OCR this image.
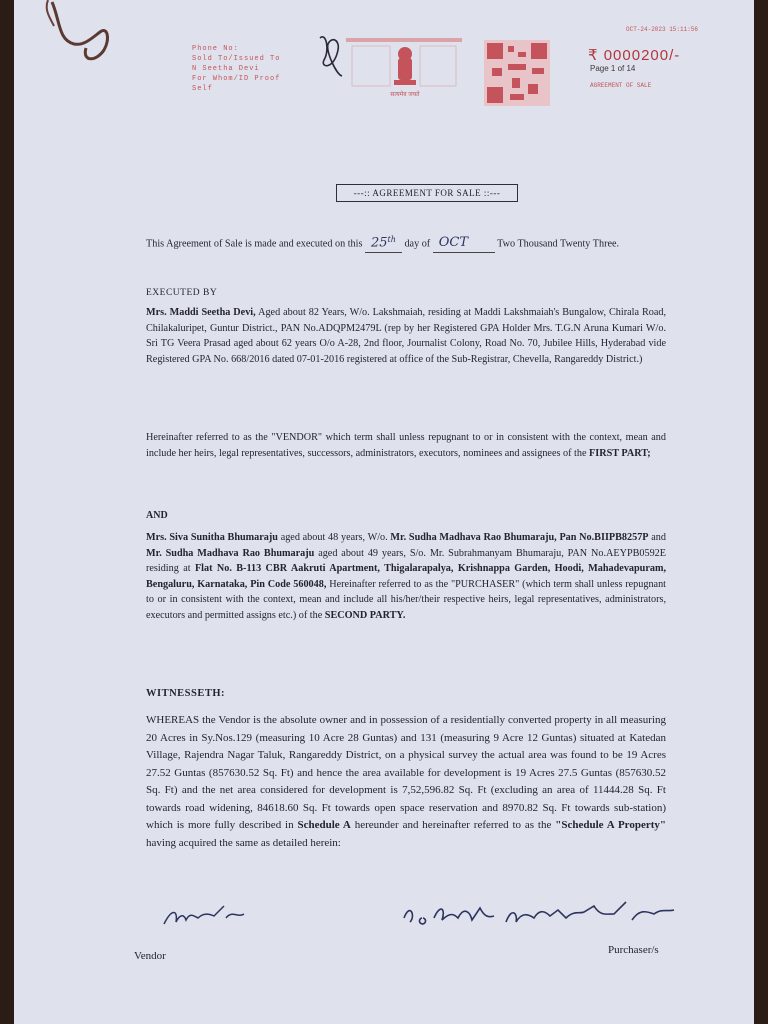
Phone No:
Sold To/Issued To
N Seetha Devi
For Whom/ID Proof
Self
सत्यमेव जयते
OCT-24-2023 15:11:56
₹ 0000200/-
Page 1 of 14
AGREEMENT OF SALE
---:: AGREEMENT FOR SALE ::---
This Agreement of Sale is made and executed on this 25th day of OCT	Two Thousand Twenty Three.
EXECUTED BY
Mrs. Maddi Seetha Devi, Aged about 82 Years, W/o. Lakshmaiah, residing at Maddi Lakshmaiah's Bungalow, Chirala Road, Chilakaluripet, Guntur District., PAN No.ADQPM2479L (rep by her Registered GPA Holder Mrs. T.G.N Aruna Kumari W/o. Sri TG Veera Prasad aged about 62 years O/o A-28, 2nd floor, Journalist Colony, Road No. 70, Jubilee Hills, Hyderabad vide Registered GPA No. 668/2016 dated 07-01-2016 registered at office of the Sub-Registrar, Chevella, Rangareddy District.)
Hereinafter referred to as the "VENDOR" which term shall unless repugnant to or in consistent with the context, mean and include her heirs, legal representatives, successors, administrators, executors, nominees and assignees of the FIRST PART;
AND
Mrs. Siva Sunitha Bhumaraju aged about 48 years, W/o. Mr. Sudha Madhava Rao Bhumaraju, Pan No.BIIPB8257P and Mr. Sudha Madhava Rao Bhumaraju aged about 49 years, S/o. Mr. Subrahmanyam Bhumaraju, PAN No.AEYPB0592E residing at Flat No. B-113 CBR Aakruti Apartment, Thigalarapalya, Krishnappa Garden, Hoodi, Mahadevapuram, Bengaluru, Karnataka, Pin Code 560048, Hereinafter referred to as the "PURCHASER" (which term shall unless repugnant to or in consistent with the context, mean and include all his/her/their respective heirs, legal representatives, administrators, executors and permitted assigns etc.) of the SECOND PARTY.
WITNESSETH:
WHEREAS the Vendor is the absolute owner and in possession of a residentially converted property in all measuring 20 Acres in Sy.Nos.129 (measuring 10 Acre 28 Guntas) and 131 (measuring 9 Acre 12 Guntas) situated at Katedan Village, Rajendra Nagar Taluk, Rangareddy District, on a physical survey the actual area was found to be 19 Acres 27.52 Guntas (857630.52 Sq. Ft) and hence the area available for development is 19 Acres 27.5 Guntas (857630.52 Sq. Ft) and the net area considered for development is 7,52,596.82 Sq. Ft (excluding an area of 11444.28 Sq. Ft towards road widening, 84618.60 Sq. Ft towards open space reservation and 8970.82 Sq. Ft towards sub-station) which is more fully described in Schedule A hereunder and hereinafter referred to as the "Schedule A Property" having acquired the same as detailed herein:
Vendor	Purchaser/s
